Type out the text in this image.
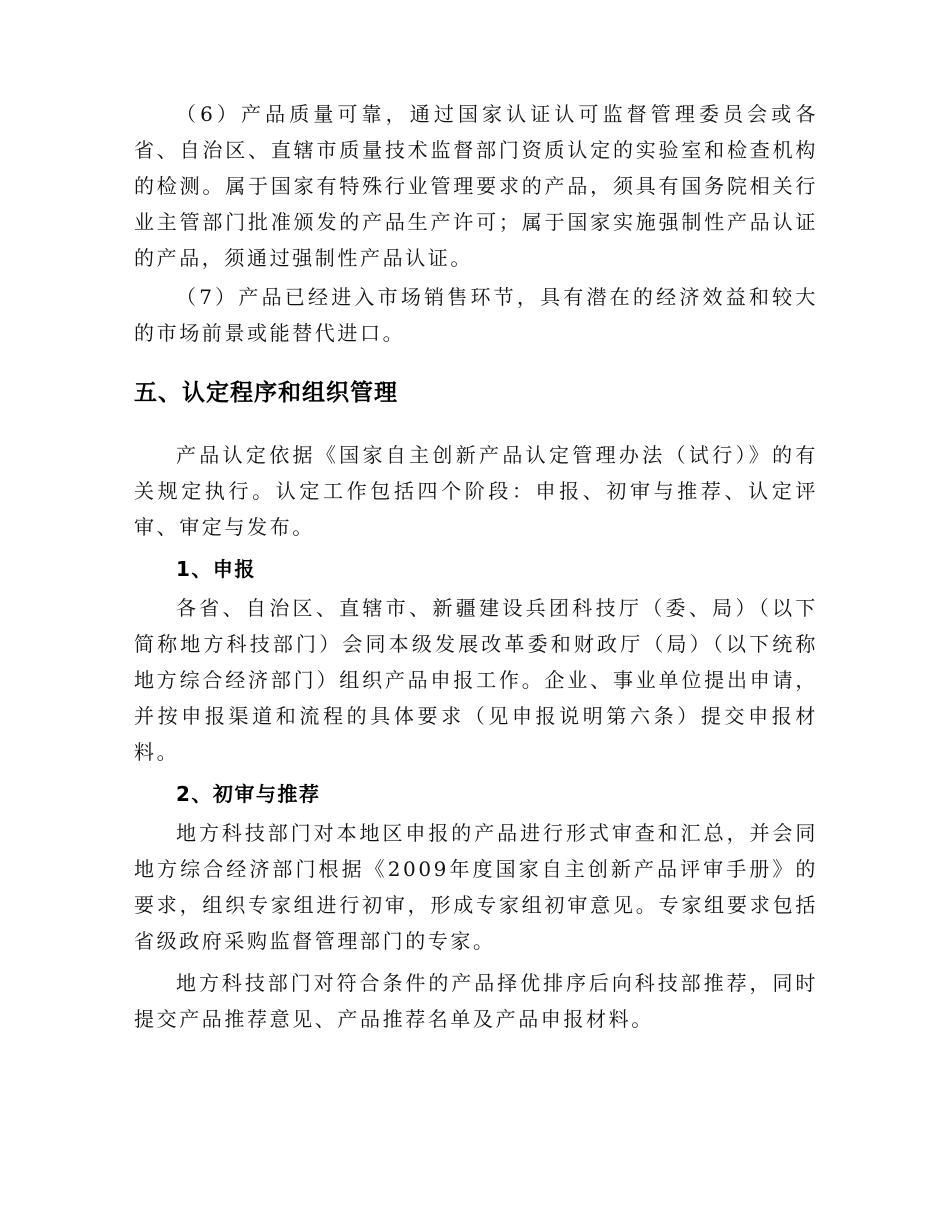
（6）产品质量可靠，通过国家认证认可监督管理委员会或各省、自治区、直辖市质量技术监督部门资质认定的实验室和检查机构的检测。属于国家有特殊行业管理要求的产品，须具有国务院相关行业主管部门批准颁发的产品生产许可；属于国家实施强制性产品认证的产品，须通过强制性产品认证。

（7）产品已经进入市场销售环节，具有潜在的经济效益和较大的市场前景或能替代进口。

五、认定程序和组织管理

产品认定依据《国家自主创新产品认定管理办法（试行）》的有关规定执行。认定工作包括四个阶段：申报、初审与推荐、认定评审、审定与发布。

1、申报

各省、自治区、直辖市、新疆建设兵团科技厅（委、局）（以下简称地方科技部门）会同本级发展改革委和财政厅（局）（以下统称地方综合经济部门）组织产品申报工作。企业、事业单位提出申请，并按申报渠道和流程的具体要求（见申报说明第六条）提交申报材料。

2、初审与推荐

地方科技部门对本地区申报的产品进行形式审查和汇总，并会同地方综合经济部门根据《2009年度国家自主创新产品评审手册》的要求，组织专家组进行初审，形成专家组初审意见。专家组要求包括省级政府采购监督管理部门的专家。

地方科技部门对符合条件的产品择优排序后向科技部推荐，同时提交产品推荐意见、产品推荐名单及产品申报材料。
